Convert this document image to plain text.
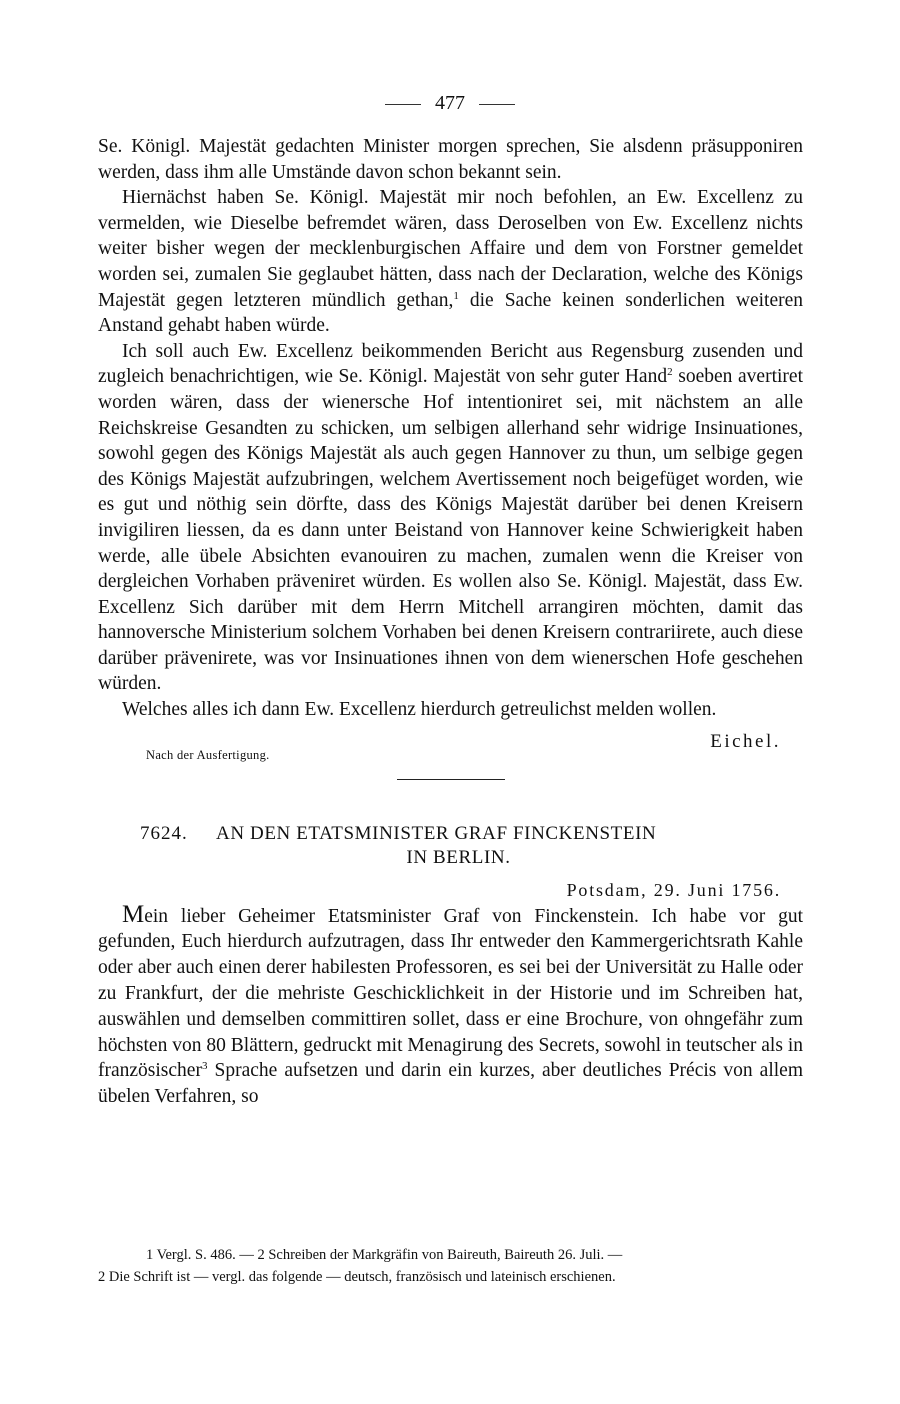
477

Se. Königl. Majestät gedachten Minister morgen sprechen, Sie alsdenn präsupponiren werden, dass ihm alle Umstände davon schon bekannt sein.

Hiernächst haben Se. Königl. Majestät mir noch befohlen, an Ew. Excellenz zu vermelden, wie Dieselbe befremdet wären, dass Deroselben von Ew. Excellenz nichts weiter bisher wegen der mecklenburgischen Affaire und dem von Forstner gemeldet worden sei, zumalen Sie geglaubet hätten, dass nach der Declaration, welche des Königs Majestät gegen letzteren mündlich gethan,$^1$ die Sache keinen sonderlichen weiteren Anstand gehabt haben würde.

Ich soll auch Ew. Excellenz beikommenden Bericht aus Regensburg zusenden und zugleich benachrichtigen, wie Se. Königl. Majestät von sehr guter Hand$^2$ soeben avertiret worden wären, dass der wienersche Hof intentioniret sei, mit nächstem an alle Reichskreise Gesandten zu schicken, um selbigen allerhand sehr widrige Insinuationes, sowohl gegen des Königs Majestät als auch gegen Hannover zu thun, um selbige gegen des Königs Majestät aufzubringen, welchem Avertissement noch beigefüget worden, wie es gut und nöthig sein dörfte, dass des Königs Majestät darüber bei denen Kreisern invigiliren liessen, da es dann unter Beistand von Hannover keine Schwierigkeit haben werde, alle übele Absichten evanouiren zu machen, zumalen wenn die Kreiser von dergleichen Vorhaben präveniret würden. Es wollen also Se. Königl. Majestät, dass Ew. Excellenz Sich darüber mit dem Herrn Mitchell arrangiren möchten, damit das hannoversche Ministerium solchem Vorhaben bei denen Kreisern contrariirete, auch diese darüber prävenirete, was vor Insinuationes ihnen von dem wienerschen Hofe geschehen würden.

Welches alles ich dann Ew. Excellenz hierdurch getreulichst melden wollen.

Nach der Ausfertigung.
Eichel.
7624. AN DEN ETATSMINISTER GRAF FINCKENSTEIN
IN BERLIN.
Potsdam, 29. Juni 1756.

Mein lieber Geheimer Etatsminister Graf von Finckenstein. Ich habe vor gut gefunden, Euch hierdurch aufzutragen, dass Ihr entweder den Kammergerichtsrath Kahle oder aber auch einen derer habilesten Professoren, es sei bei der Universität zu Halle oder zu Frankfurt, der die mehriste Geschicklichkeit in der Historie und im Schreiben hat, auswählen und demselben committiren sollet, dass er eine Brochure, von ohngefähr zum höchsten von 80 Blättern, gedruckt mit Menagirung des Secrets, sowohl in teutscher als in französischer$^3$ Sprache aufsetzen und darin ein kurzes, aber deutliches Précis von allem übelen Verfahren, so

1 Vergl. S. 486. — 2 Schreiben der Markgräfin von Baireuth, Baireuth 26. Juli. —

2 Die Schrift ist — vergl. das folgende — deutsch, französisch und lateinisch erschienen.
